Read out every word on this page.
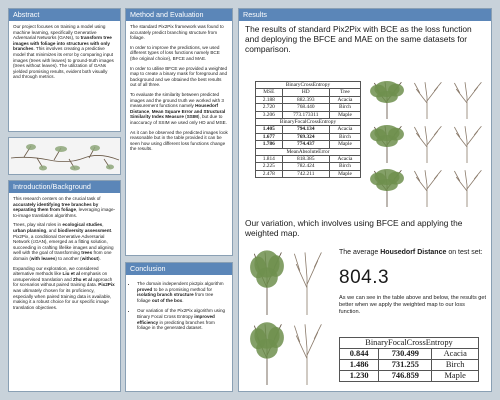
Abstract

Our project focuses on training a model using machine learning, specifically Generative Adversarial Networks (GANs), to transform tree images with foliage into structures with only branches. This involves creating a predictive model that minimizes its error by comparing input images (trees with leaves) to ground-truth images (trees without leaves). The utilization of GANs yielded promising results, evident both visually and through metrics.

Introduction/Background

This research centers on the crucial task of accurately identifying tree branches by separating them from foliage, leveraging image-to-image translation algorithms.

Trees, play vital roles in ecological studies, urban planning, and biodiversity assessment. Pix2Pix, a conditional Generative Adversarial Network (cGAN), emerged as a fitting solution, succeeding in crafting lifelike images and aligning well with the goal of transforming trees from one domain (with leaves) to another (without).

Expanding our exploration, we considered alternative methods like Liu et al emphasis on unsupervised translation and Zhu et al approach for scenarios without paired training data. Pix2Pix was ultimately chosen for its proficiency, especially when paired training data is available, making it a robust choice for our specific image translation objectives.

Method and Evaluation

The standard Pix2Pix framework was found to accurately predict branching structure from foliage.

In order to improve the predictions, we used different types of loss functions namely BCE (the original choice), BFCE and MAE.

In order to utilise BFCE we provided a weighted map to create a binary mask for foreground and background and we obtained the best results out of all three.

To evaluate the similarity between predicted images and the ground truth we worked with 3 measurement functions namely Housedorf Distance, Mean Square Error and Structural Similarity Index Measure (SSIM), but due to inaccuracy of SSIM we used only HD and MSE.

As it can be observed the predicted images look reasonable but in the table provided it can be seen how using different loss functions change the results.

Conclusion
• The domain independent pix2pix algorithm proved to be a promising method for isolating branch structure from tree foliage out of the box.
• Our variation of the Pix2Pix algorithm using Binary Focal Cross Entropy improved efficiency in predicting branches from foliage in the generated dataset.
Results
The results of standard Pix2Pix with BCE as the loss function and deploying the BFCE and MAE on the same datasets for comparison.
BinaryCrossEntropy		
MSE	HD	Tree
2.188	882.393	Acacia
2.720	768.440	Birch
3.206	773.173311	Maple
BinaryFocalCrossEntropy		
1.405	794.134	Acacia
1.677	769.324	Birch
1.786	774.437	Maple
MeanAbsoluteError		
1.814	818.385	Acacia
2.225	782.424	Birch
2.478	742.211	Maple
Our variation, which involves using BFCE and applying the weighted map.
The average Housedorf Distance on test set:
804.3
As we can see in the table above and below, the results get better when we apply the weighted map to our loss function.
BinaryFocalCrossEntropy		
0.844	730.499	Acacia
1.486	731.255	Birch
1.230	746.859	Maple
